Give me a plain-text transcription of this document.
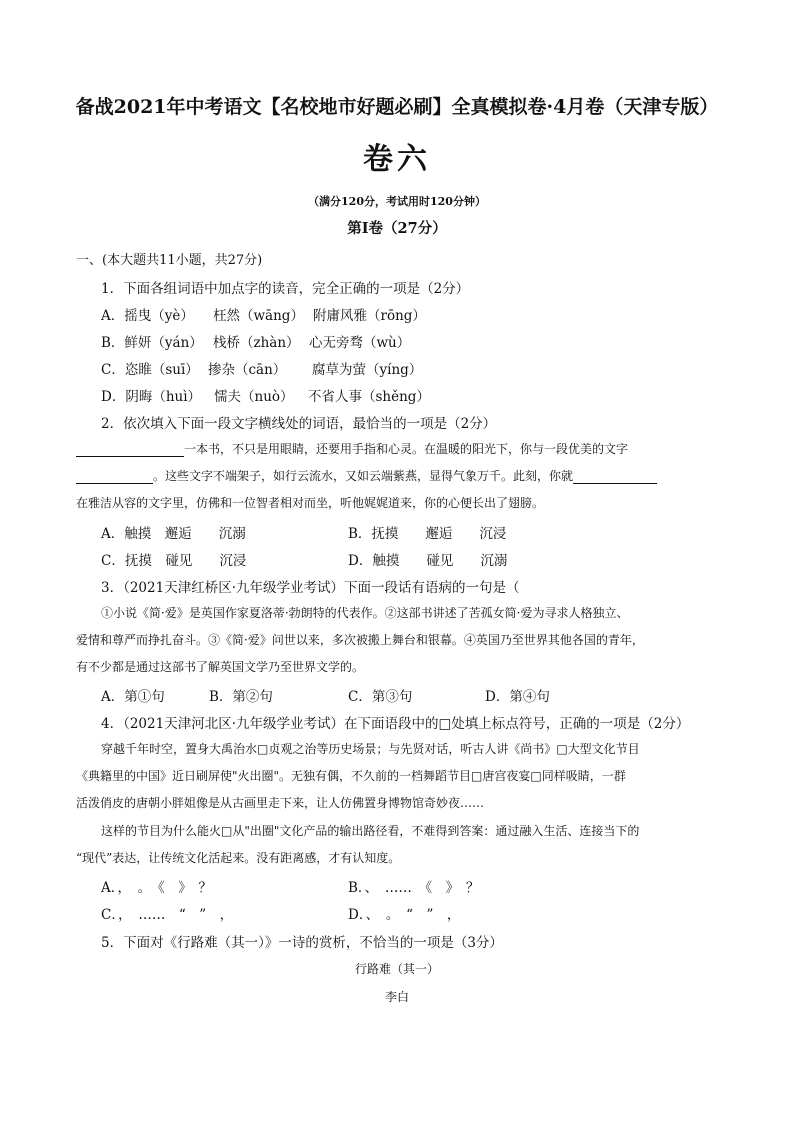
备战2021年中考语文【名校地市好题必刷】全真模拟卷·4月卷（天津专版）
卷六
（满分120分，考试用时120分钟）
第Ⅰ卷（27分）
一、(本大题共11小题，共27分)
1．下面各组词语中加点字的读音，完全正确的一项是（2分）
A．摇曳（yè） 枉然（wāng） 附庸风雅（rōng）
B．鲜妍（yán） 栈桥（zhàn） 心无旁骛（wù）
C．恣睢（suī） 掺杂（cān） 腐草为萤（yíng）
D．阴晦（huì） 懦夫（nuò） 不省人事（shěng）
2．依次填入下面一段文字横线处的词语，最恰当的一项是（2分）
一本书，不只是用眼睛，还要用手指和心灵。在温暖的阳光下，你与一段优美的文字
。这些文字不端架子，如行云流水，又如云端紫燕，显得气象万千。此刻，你就
在雅洁从容的文字里，仿佛和一位智者相对而坐，听他娓娓道来，你的心便长出了翅膀。
A．触摸　邂逅　　沉溺	B．抚摸　　邂逅　　沉浸
C．抚摸　碰见　　沉浸	D．触摸　　碰见　　沉溺
3．（2021天津红桥区·九年级学业考试）下面一段话有语病的一句是（
①小说《简·爱》是英国作家夏洛蒂·勃朗特的代表作。②这部书讲述了苦孤女简·爱为寻求人格独立、
爱情和尊严而挣扎奋斗。③《简·爱》问世以来，多次被搬上舞台和银幕。④英国乃至世界其他各国的青年，
有不少都是通过这部书了解英国文学乃至世界文学的。
A．第①句	B．第②句	C．第③句	D．第④句
4．（2021天津河北区·九年级学业考试）在下面语段中的□处填上标点符号，正确的一项是（2分）
穿越千年时空，置身大禹治水□贞观之治等历史场景；与先贤对话，听古人讲《尚书》□大型文化节目
《典籍里的中国》近日刷屏使"火出圈"。无独有偶，不久前的一档舞蹈节目□唐宫夜宴□同样吸睛，一群
活泼俏皮的唐朝小胖姐像是从古画里走下来，让人仿佛置身博物馆奇妙夜……
这样的节目为什么能火□从"出圈"文化产品的输出路径看，不难得到答案：通过融入生活、连接当下的
“现代”表达，让传统文化活起来。没有距离感，才有认知度。
A．，　。　《　》　？	B．、　……　《　》　？
C．，　……　“　”　，	D．、　。　“　”　，
5．下面对《行路难（其一）》一诗的赏析，不恰当的一项是（3分）
行路难（其一）
李白
